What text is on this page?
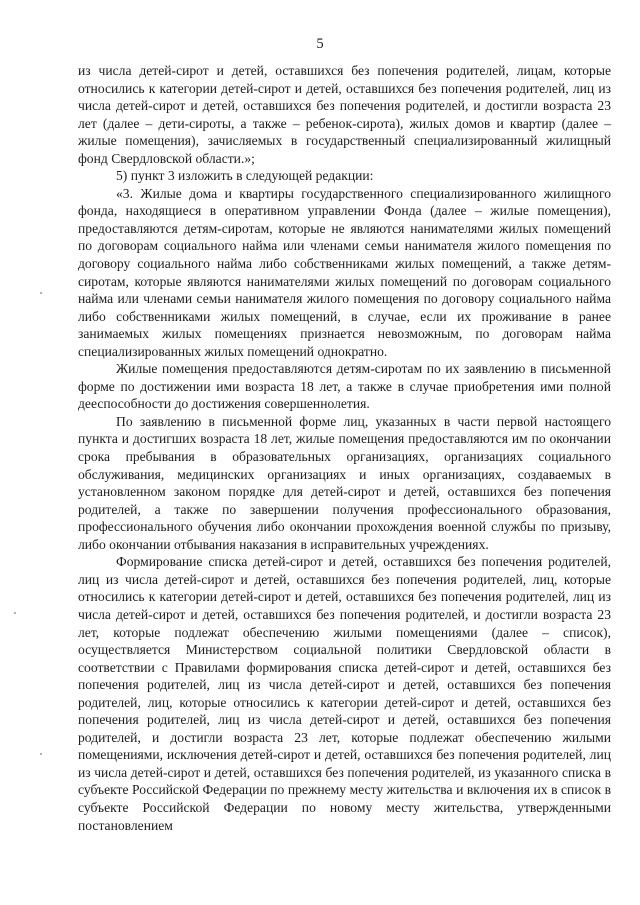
5

из числа детей-сирот и детей, оставшихся без попечения родителей, лицам, которые относились к категории детей-сирот и детей, оставшихся без попечения родителей, лиц из числа детей-сирот и детей, оставшихся без попечения родителей, и достигли возраста 23 лет (далее – дети-сироты, а также – ребенок-сирота), жилых домов и квартир (далее – жилые помещения), зачисляемых в государственный специализированный жилищный фонд Свердловской области.»;

5) пункт 3 изложить в следующей редакции:

«3. Жилые дома и квартиры государственного специализированного жилищного фонда, находящиеся в оперативном управлении Фонда (далее – жилые помещения), предоставляются детям-сиротам, которые не являются нанимателями жилых помещений по договорам социального найма или членами семьи нанимателя жилого помещения по договору социального найма либо собственниками жилых помещений, а также детям-сиротам, которые являются нанимателями жилых помещений по договорам социального найма или членами семьи нанимателя жилого помещения по договору социального найма либо собственниками жилых помещений, в случае, если их проживание в ранее занимаемых жилых помещениях признается невозможным, по договорам найма специализированных жилых помещений однократно.

Жилые помещения предоставляются детям-сиротам по их заявлению в письменной форме по достижении ими возраста 18 лет, а также в случае приобретения ими полной дееспособности до достижения совершеннолетия.

По заявлению в письменной форме лиц, указанных в части первой настоящего пункта и достигших возраста 18 лет, жилые помещения предоставляются им по окончании срока пребывания в образовательных организациях, организациях социального обслуживания, медицинских организациях и иных организациях, создаваемых в установленном законом порядке для детей-сирот и детей, оставшихся без попечения родителей, а также по завершении получения профессионального образования, профессионального обучения либо окончании прохождения военной службы по призыву, либо окончании отбывания наказания в исправительных учреждениях.

Формирование списка детей-сирот и детей, оставшихся без попечения родителей, лиц из числа детей-сирот и детей, оставшихся без попечения родителей, лиц, которые относились к категории детей-сирот и детей, оставшихся без попечения родителей, лиц из числа детей-сирот и детей, оставшихся без попечения родителей, и достигли возраста 23 лет, которые подлежат обеспечению жилыми помещениями (далее – список), осуществляется Министерством социальной политики Свердловской области в соответствии с Правилами формирования списка детей-сирот и детей, оставшихся без попечения родителей, лиц из числа детей-сирот и детей, оставшихся без попечения родителей, лиц, которые относились к категории детей-сирот и детей, оставшихся без попечения родителей, лиц из числа детей-сирот и детей, оставшихся без попечения родителей, и достигли возраста 23 лет, которые подлежат обеспечению жилыми помещениями, исключения детей-сирот и детей, оставшихся без попечения родителей, лиц из числа детей-сирот и детей, оставшихся без попечения родителей, из указанного списка в субъекте Российской Федерации по прежнему месту жительства и включения их в список в субъекте Российской Федерации по новому месту жительства, утвержденными постановлением
